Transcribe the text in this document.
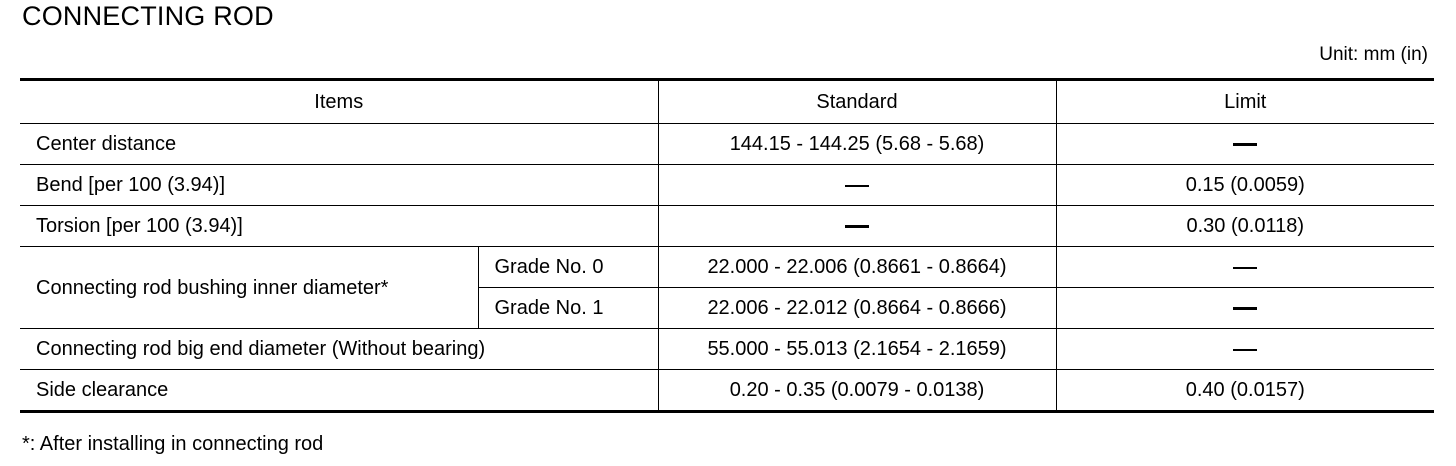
CONNECTING ROD
Unit: mm (in)
Items		Standard	Limit
Center distance		144.15 - 144.25 (5.68 - 5.68)	
Bend [per 100 (3.94)]			0.15 (0.0059)
Torsion [per 100 (3.94)]			0.30 (0.0118)
Connecting rod bushing inner diameter*	Grade No. 0	22.000 - 22.006 (0.8661 - 0.8664)	
	Grade No. 1	22.006 - 22.012 (0.8664 - 0.8666)	
Connecting rod big end diameter (Without bearing)		55.000 - 55.013 (2.1654 - 2.1659)	
Side clearance		0.20 - 0.35 (0.0079 - 0.0138)	0.40 (0.0157)
*: After installing in connecting rod
